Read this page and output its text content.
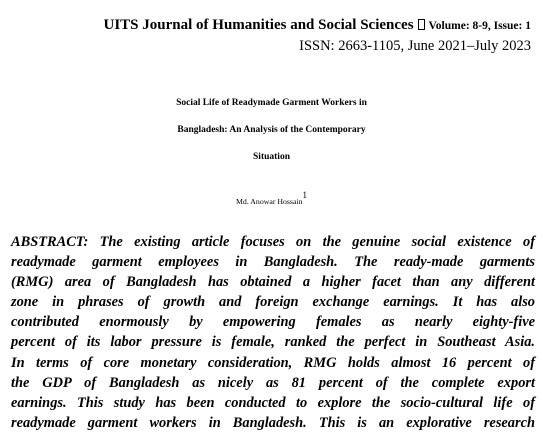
UITS Journal of Humanities and Social Sciences Volume: 8-9, Issue: 1
ISSN: 2663-1105, June 2021–July 2023
Social Life of Readymade Garment Workers in
Bangladesh: An Analysis of the Contemporary
Situation
Md. Anowar Hossain$^1$
ABSTRACT: The existing article focuses on the genuine social existence of
readymade garment employees in Bangladesh. The ready-made garments
(RMG) area of Bangladesh has obtained a higher facet than any different
zone in phrases of growth and foreign exchange earnings. It has also
contributed enormously by empowering females as nearly eighty-five
percent of its labor pressure is female, ranked the perfect in Southeast Asia.
In terms of core monetary consideration, RMG holds almost 16 percent of
the GDP of Bangladesh as nicely as 81 percent of the complete export
earnings. This study has been conducted to explore the socio-cultural life of
readymade garment workers in Bangladesh. This is an explorative research
